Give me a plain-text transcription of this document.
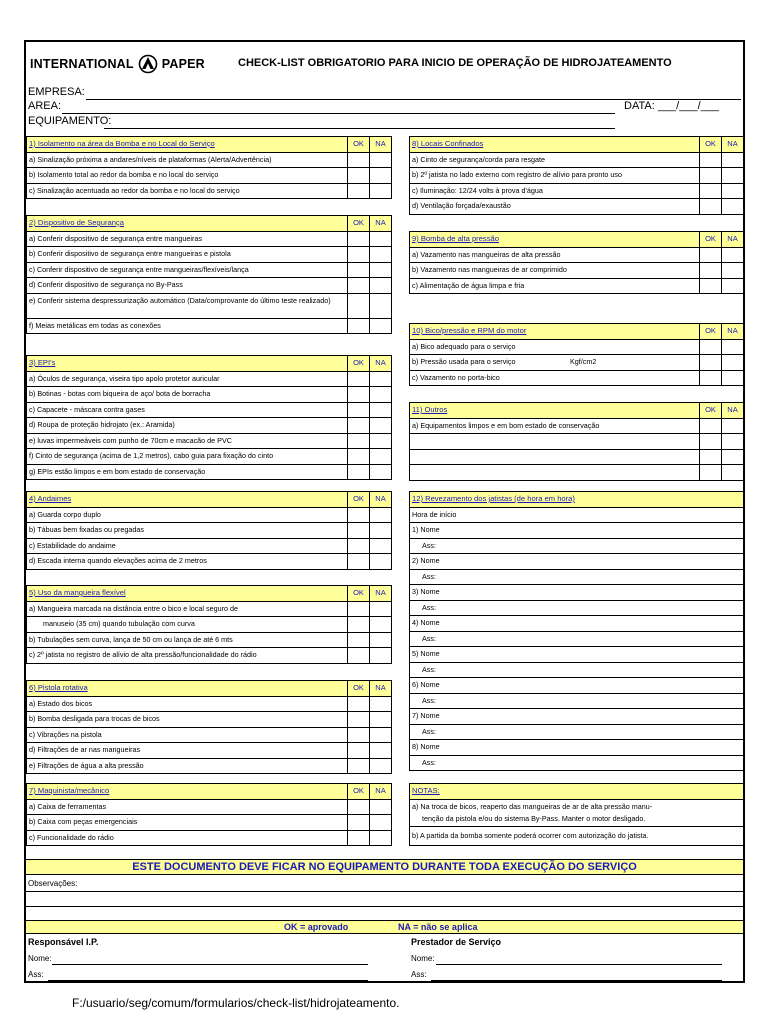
INTERNATIONAL PAPER	CHECK-LIST OBRIGATORIO PARA INICIO DE OPERAÇÃO DE HIDROJATEAMENTO
EMPRESA:
AREA:	DATA: ___/___/___
EQUIPAMENTO:
1) Isolamento na área da Bomba e no Local do Serviço	OK	NA
a) Sinalização próxima a andares/níveis de plataformas (Alerta/Advertência)
b) Isolamento total ao redor da bomba e no local do serviço
c) Sinalização acentuada ao redor da bomba e no local do serviço
2) Dispositivo de Segurança	OK	NA
a) Conferir dispositivo de segurança entre mangueiras
b) Conferir dispositivo de segurança entre mangueiras e pistola
c) Conferir dispositivo de segurança entre mangueiras/flexíveis/lança
d) Conferir dispositivo de segurança no By-Pass
e) Conferir sistema despressurização automático (Data/comprovante do último teste realizado)
f) Meias metálicas em todas as conexões
3) EPI's	OK	NA
a) Óculos de segurança, viseira tipo apolo protetor auricular
b) Botinas - botas com biqueira de aço/ bota de borracha
c) Capacete - máscara contra gases
d) Roupa de proteção hidrojato (ex.: Aramida)
e) luvas impermeáveis com punho de 70cm e macacão de PVC
f) Cinto de segurança (acima de 1,2 metros), cabo guia para fixação do cinto
g) EPIs estão limpos e em bom estado de conservação
4) Andaimes	OK	NA
a) Guarda corpo duplo
b) Tábuas bem fixadas ou pregadas
c) Estabilidade do andaime
d) Escada interna quando elevações acima de 2 metros
5) Uso da mangueira flexível	OK	NA
a) Mangueira marcada na distância entre o bico e local seguro de
manuseio (35 cm) quando tubulação com curva
b) Tubulações sem curva, lança de 50 cm ou lança de até 6 mts
c) 2º jatista no registro de alívio de alta pressão/funcionalidade do rádio
6) Pistola rotativa	OK	NA
a) Estado dos bicos
b) Bomba desligada para trocas de bicos
c) Vibrações na pistola
d) Filtrações de ar nas mangueiras
e) Filtrações de água a alta pressão
7) Maquinista/mecânico	OK	NA
a) Caixa de ferramentas
b) Caixa com peças emergenciais
c) Funcionalidade do rádio
8) Locais Confinados	OK	NA
a) Cinto de segurança/corda para resgate
b) 2º jatista no lado externo com registro de alívio para pronto uso
c) Iluminação: 12/24 volts à prova d'água
d) Ventilação forçada/exaustão
9) Bomba de alta pressão	OK	NA
a) Vazamento nas mangueiras de alta pressão
b) Vazamento nas mangueiras de ar comprimido
c) Alimentação de água limpa e fria
10) Bico/pressão e RPM do motor	OK	NA
a) Bico adequado para o serviço
b) Pressão usada para o serviço	Kgf/cm2
c) Vazamento no porta-bico
11) Outros	OK	NA
a) Equipamentos limpos e em bom estado de conservação
12) Revezamento dos jatistas (de hora em hora)
Hora de início
1) Nome
Ass:
2) Nome
Ass:
3) Nome
Ass:
4) Nome
Ass:
5) Nome
Ass:
6) Nome
Ass:
7) Nome
Ass:
8) Nome
Ass:
NOTAS:
a) Na troca de bicos, reaperto das mangueiras de ar de alta pressão manu-
tenção da pistola e/ou do sistema By-Pass. Manter o motor desligado.
b) A partida da bomba somente poderá ocorrer com autorização do jatista.
ESTE DOCUMENTO DEVE FICAR NO EQUIPAMENTO DURANTE TODA EXECUÇÃO DO SERVIÇO
Observações:
OK = aprovado	NA = não se aplica
Responsável I.P.	Prestador de Serviço
Nome:
Ass:
Nome:
Ass:
F:/usuario/seg/comum/formularios/check-list/hidrojateamento.
